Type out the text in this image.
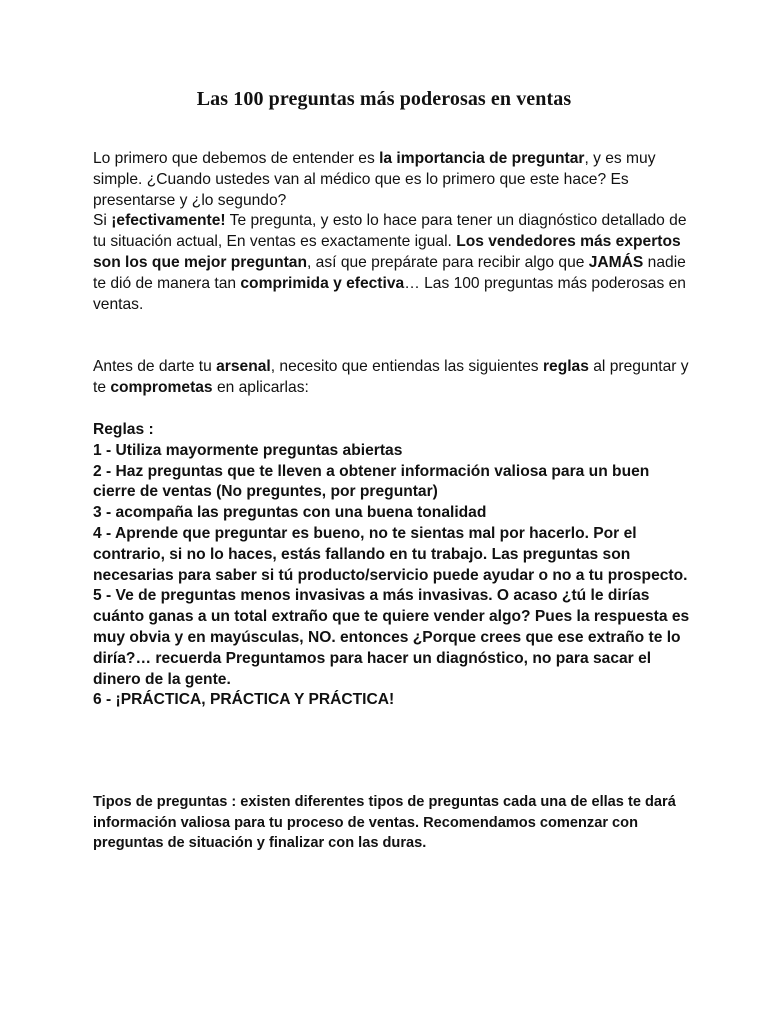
Las 100 preguntas más poderosas en ventas

Lo primero que debemos de entender es la importancia de preguntar, y es muy simple. ¿Cuando ustedes van al médico que es lo primero que este hace? Es presentarse y ¿lo segundo?
Si ¡efectivamente! Te pregunta, y esto lo hace para tener un diagnóstico detallado de tu situación actual, En ventas es exactamente igual. Los vendedores más expertos son los que mejor preguntan, así que prepárate para recibir algo que JAMÁS nadie te dió de manera tan comprimida y efectiva… Las 100 preguntas más poderosas en ventas.

Antes de darte tu arsenal, necesito que entiendas las siguientes reglas al preguntar y te comprometas en aplicarlas:

Reglas :
1 - Utiliza mayormente preguntas abiertas
2 - Haz preguntas que te lleven a obtener información valiosa para un buen cierre de ventas (No preguntes, por preguntar)
3 - acompaña las preguntas con una buena tonalidad
4 - Aprende que preguntar es bueno, no te sientas mal por hacerlo. Por el contrario, si no lo haces, estás fallando en tu trabajo. Las preguntas son necesarias para saber si tú producto/servicio puede ayudar o no a tu prospecto.
5 - Ve de preguntas menos invasivas a más invasivas. O acaso ¿tú le dirías cuánto ganas a un total extraño que te quiere vender algo? Pues la respuesta es muy obvia y en mayúsculas, NO. entonces ¿Porque crees que ese extraño te lo diría?… recuerda Preguntamos para hacer un diagnóstico, no para sacar el dinero de la gente.
6 - ¡PRÁCTICA, PRÁCTICA Y PRÁCTICA!

Tipos de preguntas : existen diferentes tipos de preguntas cada una de ellas te dará información valiosa para tu proceso de ventas. Recomendamos comenzar con preguntas de situación y finalizar con las duras.
